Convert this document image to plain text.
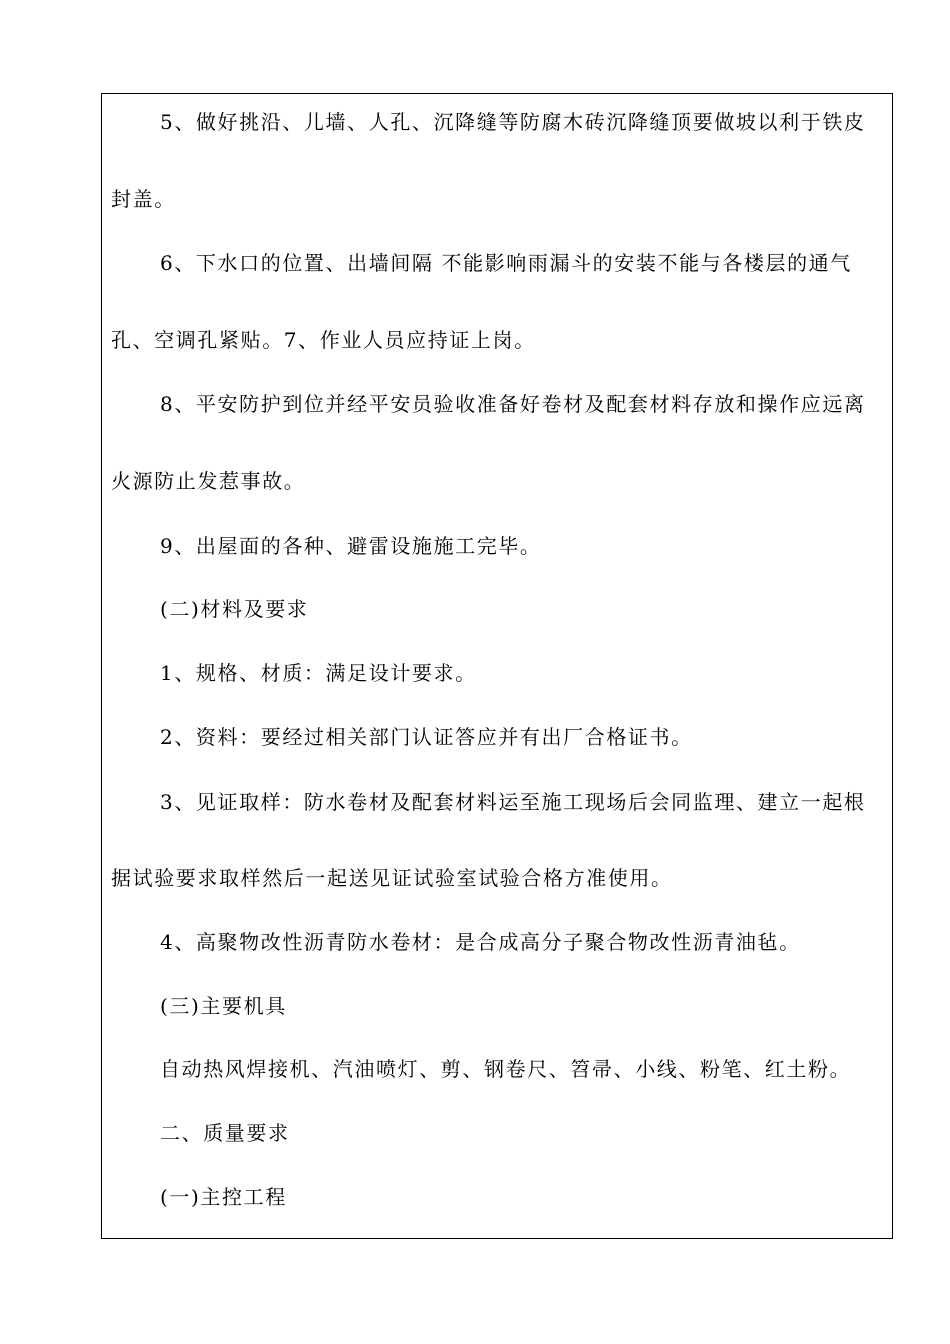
5、做好挑沿、儿墙、人孔、沉降缝等防腐木砖沉降缝顶要做坡以利于铁皮
封盖。
6、下水口的位置、出墙间隔 不能影响雨漏斗的安装不能与各楼层的通气
孔、空调孔紧贴。7、作业人员应持证上岗。
8、平安防护到位并经平安员验收准备好卷材及配套材料存放和操作应远离
火源防止发惹事故。
9、出屋面的各种、避雷设施施工完毕。
(二)材料及要求
1、规格、材质：满足设计要求。
2、资料：要经过相关部门认证答应并有出厂合格证书。
3、见证取样：防水卷材及配套材料运至施工现场后会同监理、建立一起根
据试验要求取样然后一起送见证试验室试验合格方准使用。
4、高聚物改性沥青防水卷材：是合成高分子聚合物改性沥青油毡。
(三)主要机具
自动热风焊接机、汽油喷灯、剪、钢卷尺、笤帚、小线、粉笔、红土粉。
二、质量要求
(一)主控工程
